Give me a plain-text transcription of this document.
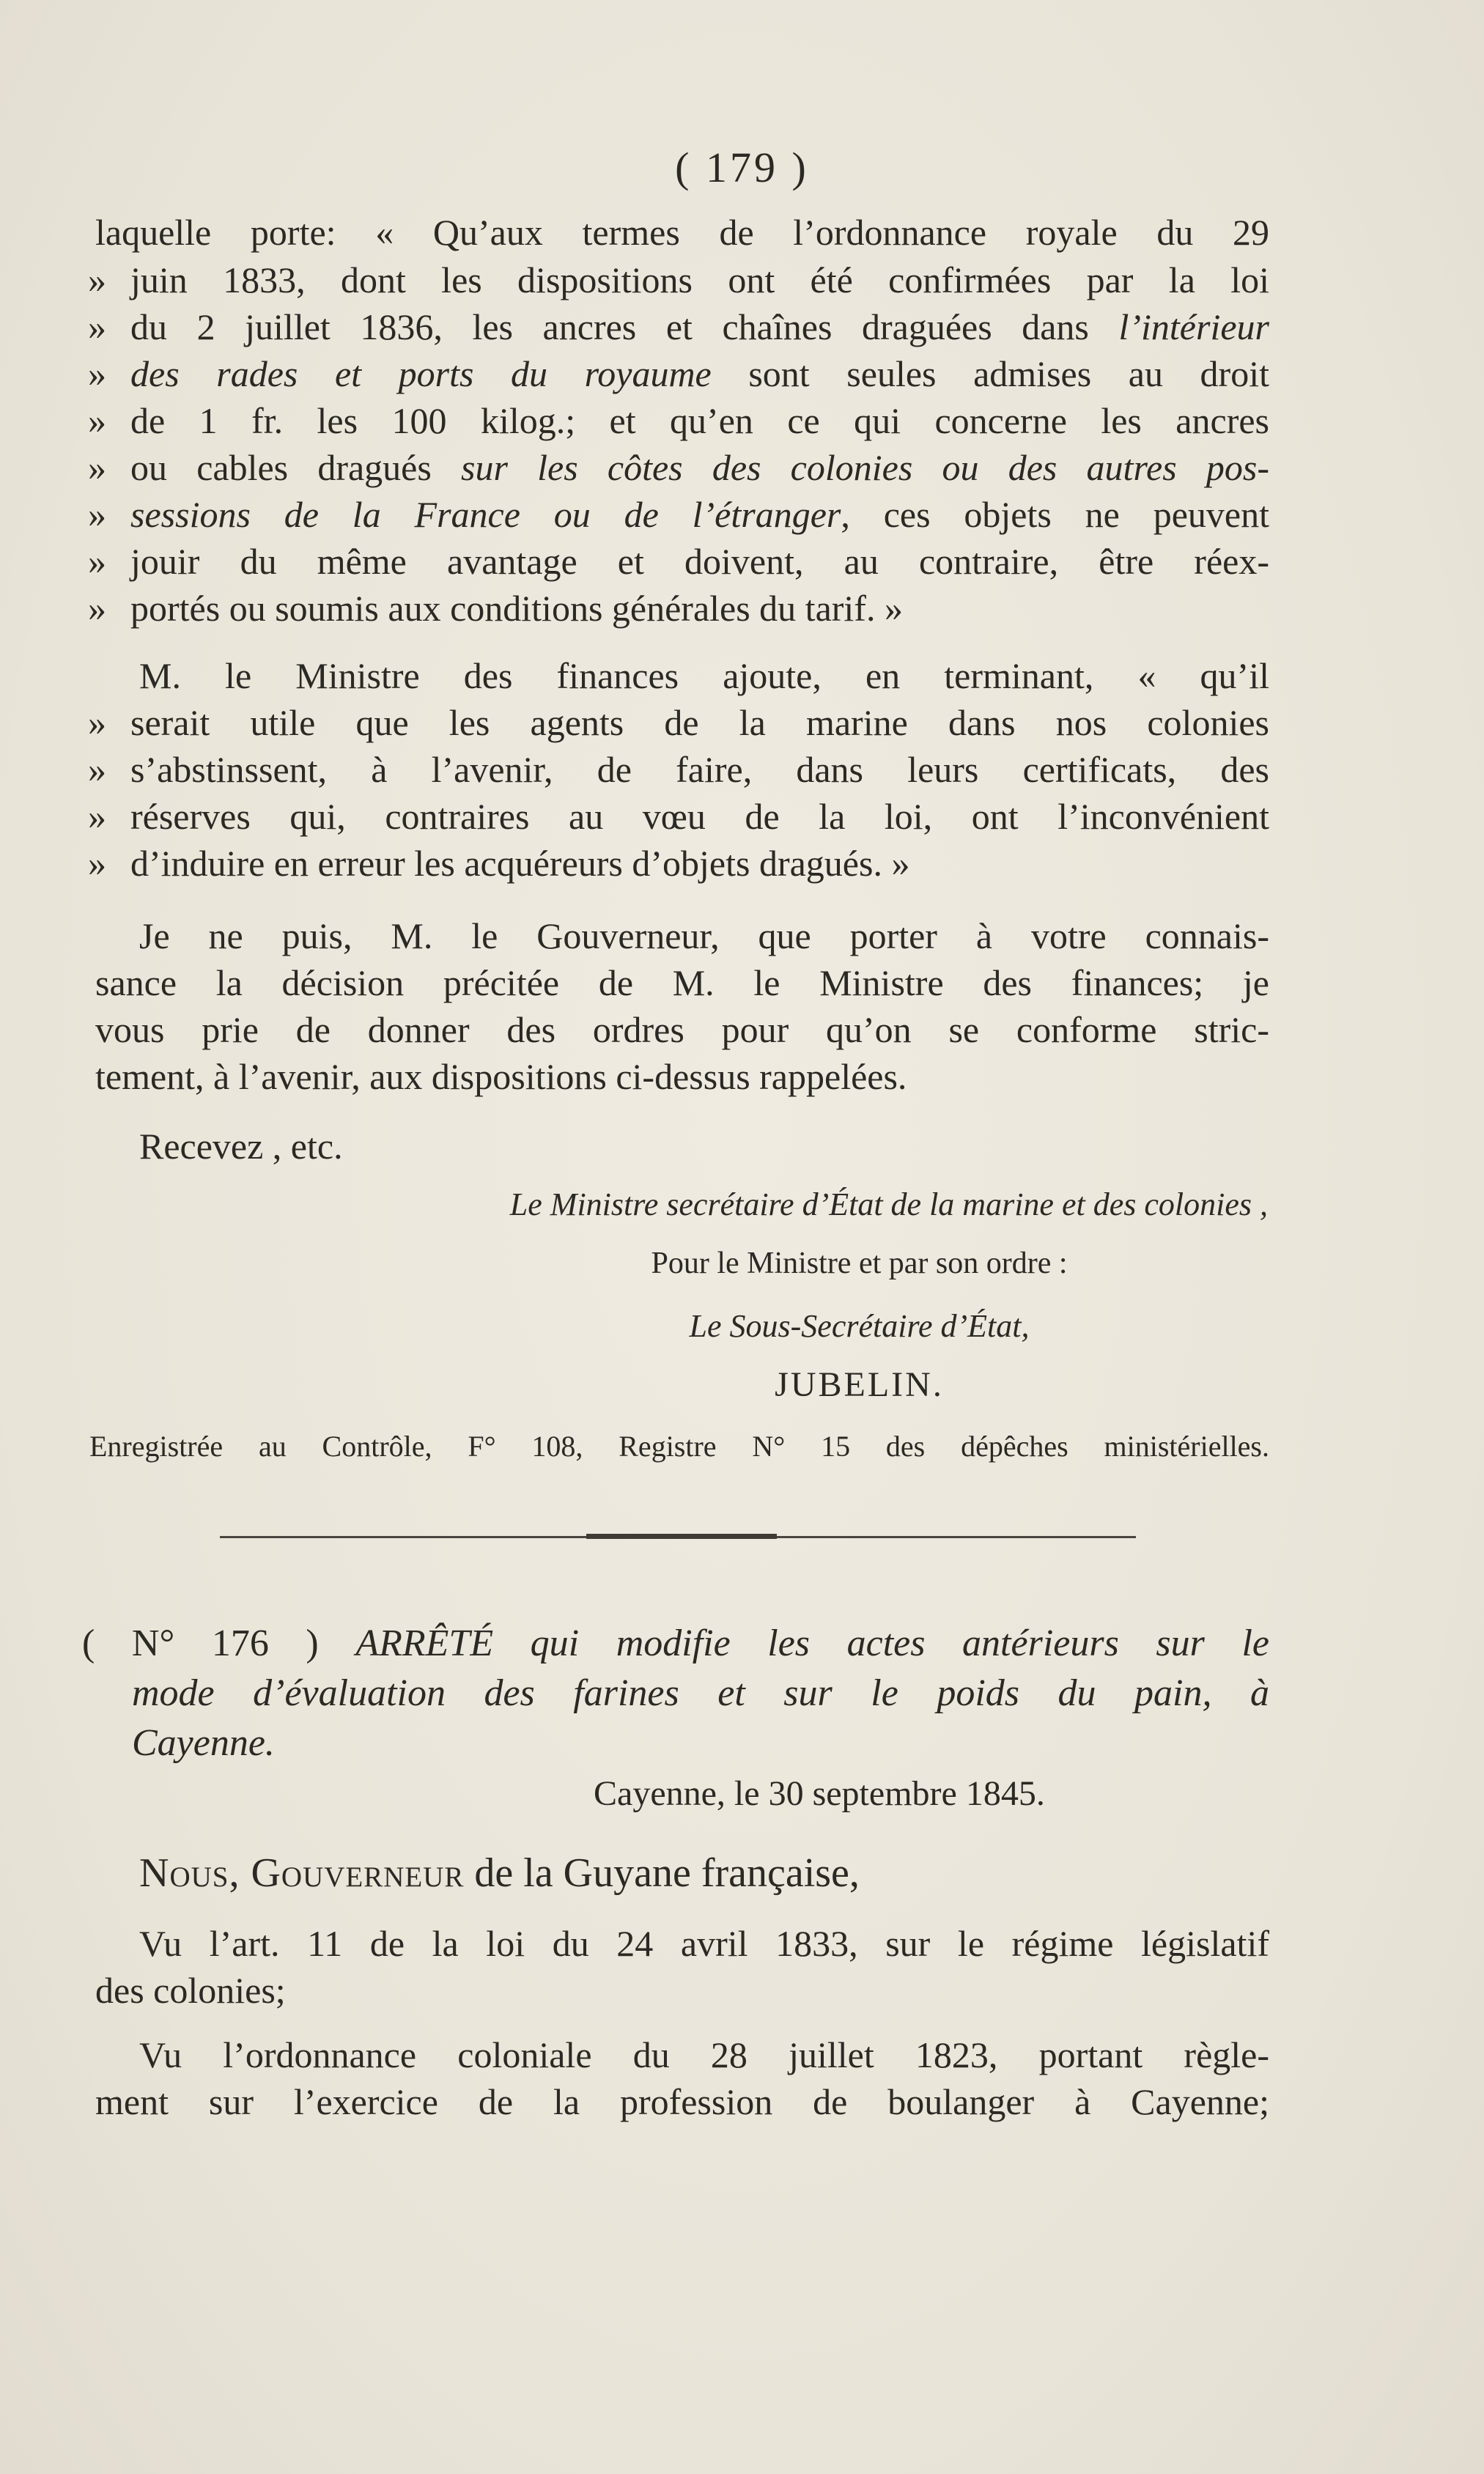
( 179 )
laquelle porte: « Qu’aux termes de l’ordonnance royale du 29
» juin 1833, dont les dispositions ont été confirmées par la loi
» du 2 juillet 1836, les ancres et chaînes draguées dans l’intérieur
» des rades et ports du royaume sont seules admises au droit
» de 1 fr. les 100 kilog.; et qu’en ce qui concerne les ancres
» ou cables dragués sur les côtes des colonies ou des autres pos-
» sessions de la France ou de l’étranger, ces objets ne peuvent
» jouir du même avantage et doivent, au contraire, être réex-
» portés ou soumis aux conditions générales du tarif. »
M. le Ministre des finances ajoute, en terminant, « qu’il
» serait utile que les agents de la marine dans nos colonies
» s’abstinssent, à l’avenir, de faire, dans leurs certificats, des
» réserves qui, contraires au vœu de la loi, ont l’inconvénient
» d’induire en erreur les acquéreurs d’objets dragués. »
Je ne puis, M. le Gouverneur, que porter à votre connais-
sance la décision précitée de M. le Ministre des finances; je
vous prie de donner des ordres pour qu’on se conforme stric-
tement, à l’avenir, aux dispositions ci-dessus rappelées.
Recevez , etc.
Le Ministre secrétaire d’État de la marine et des colonies ,
Pour le Ministre et par son ordre :
Le Sous-Secrétaire d’État,
JUBELIN.
Enregistrée au Contrôle, F° 108, Registre N° 15 des dépêches ministérielles.
( N° 176 ) ARRÊTÉ qui modifie les actes antérieurs sur le
mode d’évaluation des farines et sur le poids du pain, à
Cayenne.
Cayenne, le 30 septembre 1845.
Nous, Gouverneur de la Guyane française,
Vu l’art. 11 de la loi du 24 avril 1833, sur le régime législatif
des colonies;
Vu l’ordonnance coloniale du 28 juillet 1823, portant règle-
ment sur l’exercice de la profession de boulanger à Cayenne;
